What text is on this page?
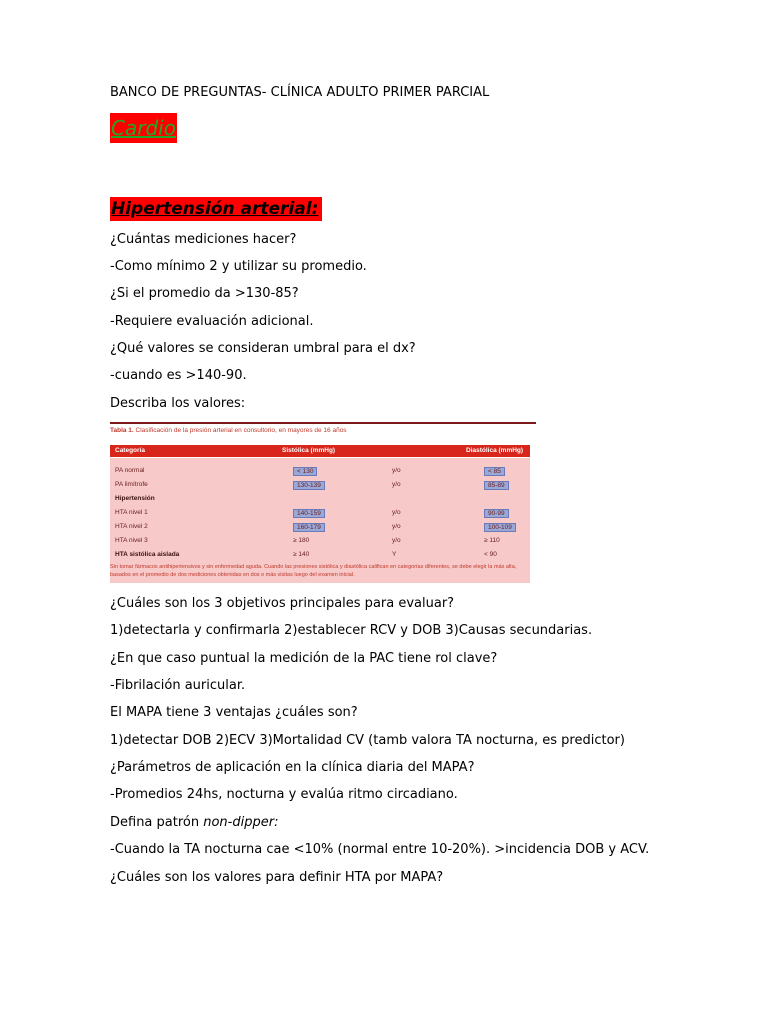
BANCO DE PREGUNTAS- CLÍNICA ADULTO PRIMER PARCIAL
Cardio
Hipertensión arterial:
¿Cuántas mediciones hacer?
-Como mínimo 2 y utilizar su promedio.
¿Si el promedio da >130-85?
-Requiere evaluación adicional.
¿Qué valores se consideran umbral para el dx?
-cuando es >140-90.
Describa los valores:
¿Cuáles son los 3 objetivos principales para evaluar?
1)detectarla y confirmarla 2)establecer RCV y DOB 3)Causas secundarias.
¿En que caso puntual la medición de la PAC tiene rol clave?
-Fibrilación auricular.
El MAPA tiene 3 ventajas ¿cuáles son?
1)detectar DOB 2)ECV 3)Mortalidad CV (tamb valora TA nocturna, es predictor)
¿Parámetros de aplicación en la clínica diaria del MAPA?
-Promedios 24hs, nocturna y evalúa ritmo circadiano.
Defina patrón non-dipper:
-Cuando la TA nocturna cae <10% (normal entre 10-20%). >incidencia DOB y ACV.
¿Cuáles son los valores para definir HTA por MAPA?
Tabla 1. Clasificación de la presión arterial en consultorio, en mayores de 16 años
Categoría	Sistólica (mmHg)	Diastólica (mmHg)
PA normal	< 130	y/o	< 85
PA limítrofe	130-139	y/o	85-89
Hipertensión
HTA nivel 1	140-159	y/o	90-99
HTA nivel 2	160-179	y/o	100-109
HTA nivel 3	≥ 180	y/o	≥ 110
HTA sistólica aislada	≥ 140	Y	< 90
Sin tomar fármacos antihipertensivos y sin enfermedad aguda. Cuando las presiones sistólica y diastólica califican en categorías diferentes, se debe elegir la más alta, basados en el promedio de dos mediciones obtenidas en dos o más visitas luego del examen inicial.
